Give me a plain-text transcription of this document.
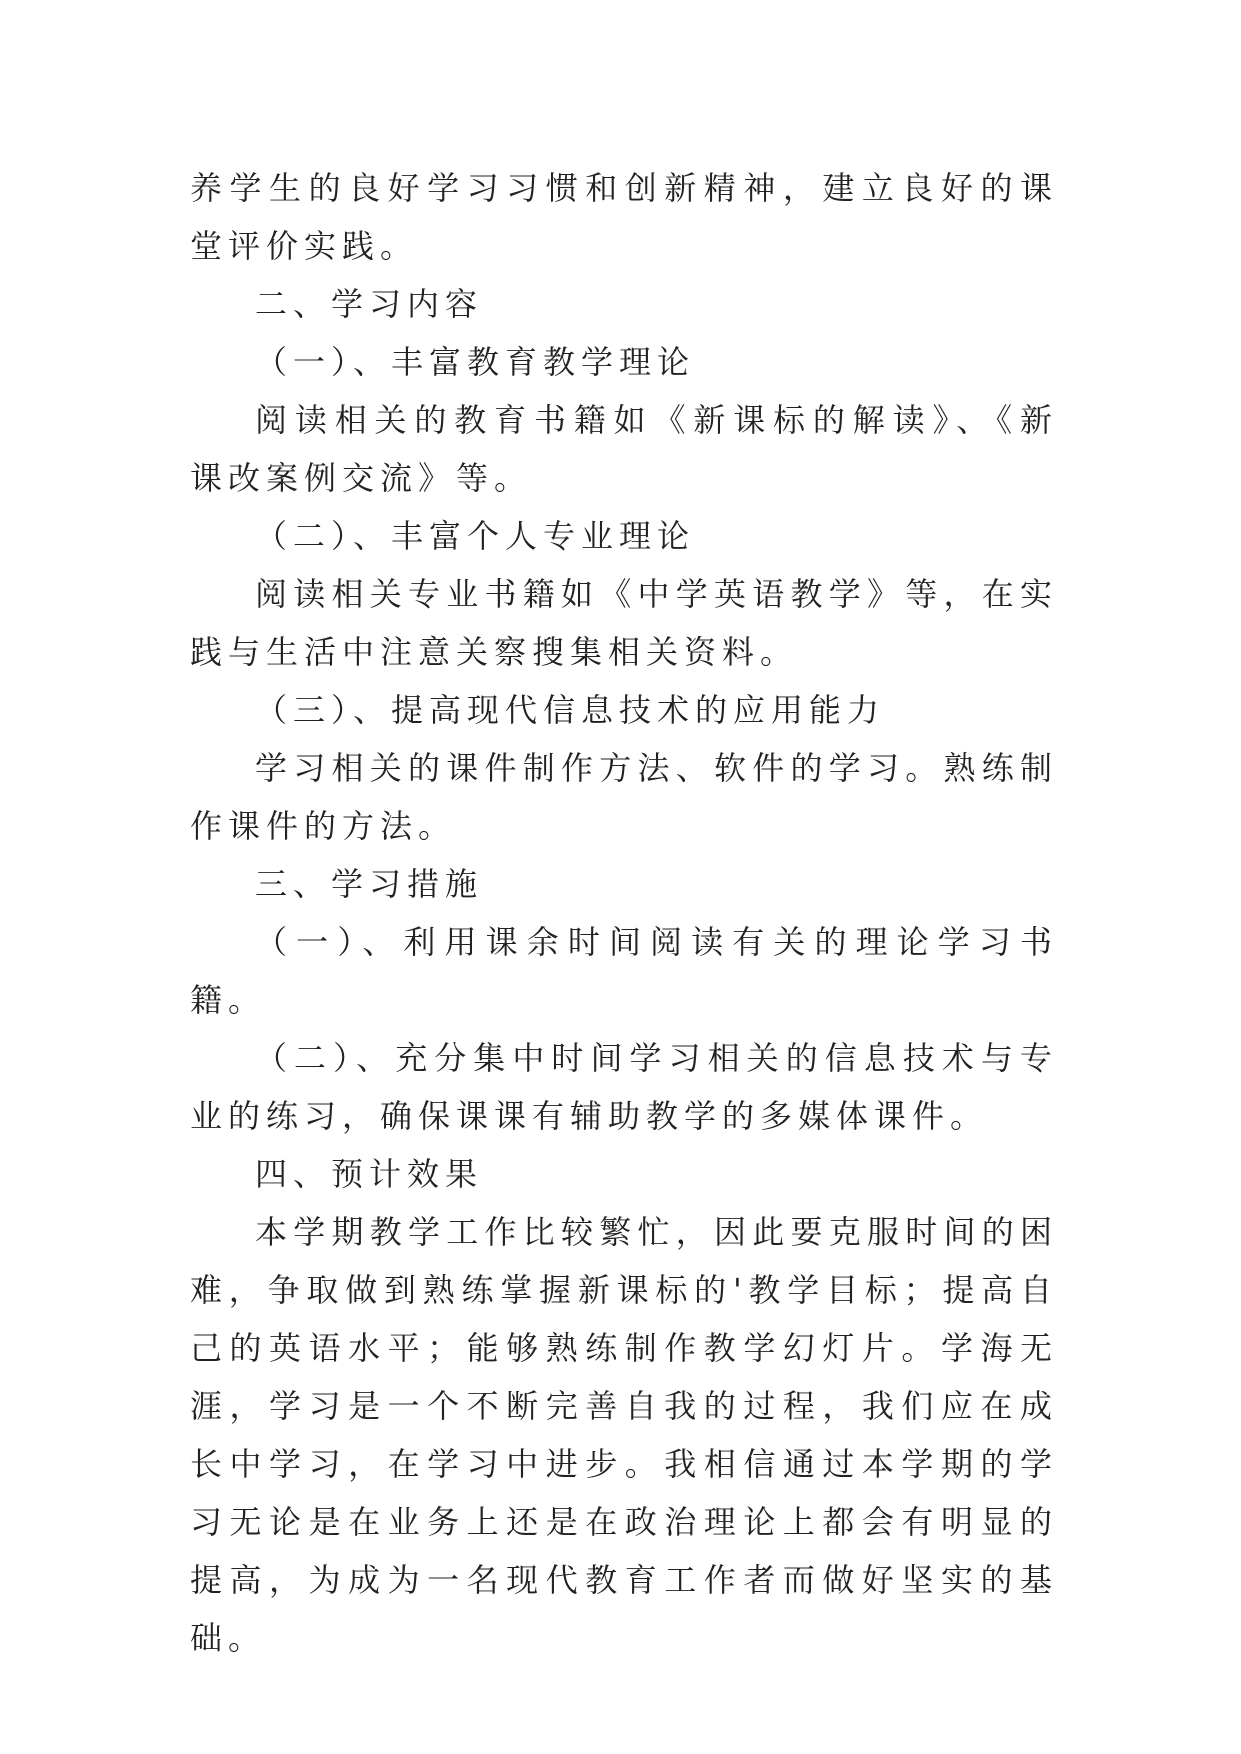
养学生的良好学习习惯和创新精神，建立良好的课堂评价实践。

二、学习内容

（一）、丰富教育教学理论

阅读相关的教育书籍如《新课标的解读》、《新课改案例交流》等。

（二）、丰富个人专业理论

阅读相关专业书籍如《中学英语教学》等，在实践与生活中注意关察搜集相关资料。

（三）、提高现代信息技术的应用能力

学习相关的课件制作方法、软件的学习。熟练制作课件的方法。

三、学习措施

（一）、利用课余时间阅读有关的理论学习书籍。

（二）、充分集中时间学习相关的信息技术与专业的练习，确保课课有辅助教学的多媒体课件。

四、预计效果

本学期教学工作比较繁忙，因此要克服时间的困难，争取做到熟练掌握新课标的'教学目标；提高自己的英语水平；能够熟练制作教学幻灯片。学海无涯，学习是一个不断完善自我的过程，我们应在成长中学习，在学习中进步。我相信通过本学期的学习无论是在业务上还是在政治理论上都会有明显的提高，为成为一名现代教育工作者而做好坚实的基础。
